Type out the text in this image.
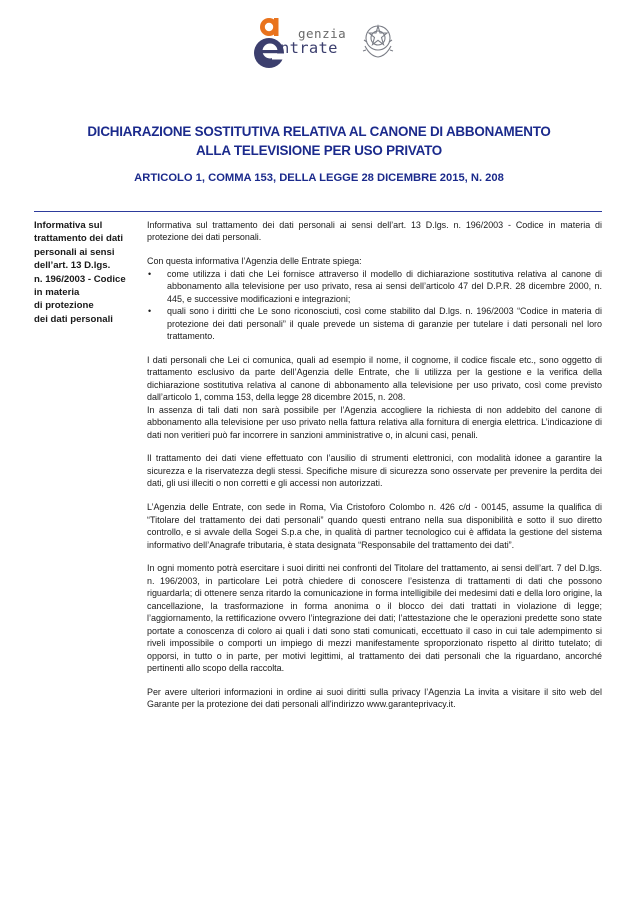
genzia
ntrate
DICHIARAZIONE SOSTITUTIVA RELATIVA AL CANONE DI ABBONAMENTO
ALLA TELEVISIONE PER USO PRIVATO
ARTICOLO 1, COMMA 153, DELLA LEGGE 28 DICEMBRE 2015, N. 208
Informativa sul
trattamento dei dati
personali ai sensi
dell’art. 13 D.lgs.
n. 196/2003 - Codice
in materia
di protezione
dei dati personali

Informativa sul trattamento dei dati personali ai sensi dell’art. 13 D.lgs. n. 196/2003 - Codice in materia di protezione dei dati personali.

Con questa informativa l’Agenzia delle Entrate spiega:

• come utilizza i dati che Lei fornisce attraverso il modello di dichiarazione sostitutiva relativa al canone di abbonamento alla televisione per uso privato, resa ai sensi dell’articolo 47 del D.P.R. 28 dicembre 2000, n. 445, e successive modificazioni e integrazioni;
• quali sono i diritti che Le sono riconosciuti, così come stabilito dal D.lgs. n. 196/2003 “Codice in materia di protezione dei dati personali” il quale prevede un sistema di garanzie per tutelare i dati personali nel loro trattamento.

I dati personali che Lei ci comunica, quali ad esempio il nome, il cognome, il codice fiscale etc., sono oggetto di trattamento esclusivo da parte dell’Agenzia delle Entrate, che li utilizza per la gestione e la verifica della dichiarazione sostitutiva relativa al canone di abbonamento alla televisione per uso privato, così come previsto dall’articolo 1, comma 153, della legge 28 dicembre 2015, n. 208.

In assenza di tali dati non sarà possibile per l’Agenzia accogliere la richiesta di non addebito del canone di abbonamento alla televisione per uso privato nella fattura relativa alla fornitura di energia elettrica. L’indicazione di dati non veritieri può far incorrere in sanzioni amministrative o, in alcuni casi, penali.

Il trattamento dei dati viene effettuato con l’ausilio di strumenti elettronici, con modalità idonee a garantire la sicurezza e la riservatezza degli stessi. Specifiche misure di sicurezza sono osservate per prevenire la perdita dei dati, gli usi illeciti o non corretti e gli accessi non autorizzati.

L’Agenzia delle Entrate, con sede in Roma, Via Cristoforo Colombo n. 426 c/d - 00145, assume la qualifica di “Titolare del trattamento dei dati personali” quando questi entrano nella sua disponibilità e sotto il suo diretto controllo, e si avvale della Sogei S.p.a che, in qualità di partner tecnologico cui è affidata la gestione del sistema informativo dell’Anagrafe tributaria, è stata designata “Responsabile del trattamento dei dati”.

In ogni momento potrà esercitare i suoi diritti nei confronti del Titolare del trattamento, ai sensi dell’art. 7 del D.lgs. n. 196/2003, in particolare Lei potrà chiedere di conoscere l’esistenza di trattamenti di dati che possono riguardarla; di ottenere senza ritardo la comunicazione in forma intelligibile dei medesimi dati e della loro origine, la cancellazione, la trasformazione in forma anonima o il blocco dei dati trattati in violazione di legge; l’aggiornamento, la rettificazione ovvero l’integrazione dei dati; l’attestazione che le operazioni predette sono state portate a conoscenza di coloro ai quali i dati sono stati comunicati, eccettuato il caso in cui tale adempimento si riveli impossibile o comporti un impiego di mezzi manifestamente sproporzionato rispetto al diritto tutelato; di opporsi, in tutto o in parte, per motivi legittimi, al trattamento dei dati personali che la riguardano, ancorché pertinenti allo scopo della raccolta.

Per avere ulteriori informazioni in ordine ai suoi diritti sulla privacy l’Agenzia La invita a visitare il sito web del Garante per la protezione dei dati personali all'indirizzo www.garanteprivacy.it.
